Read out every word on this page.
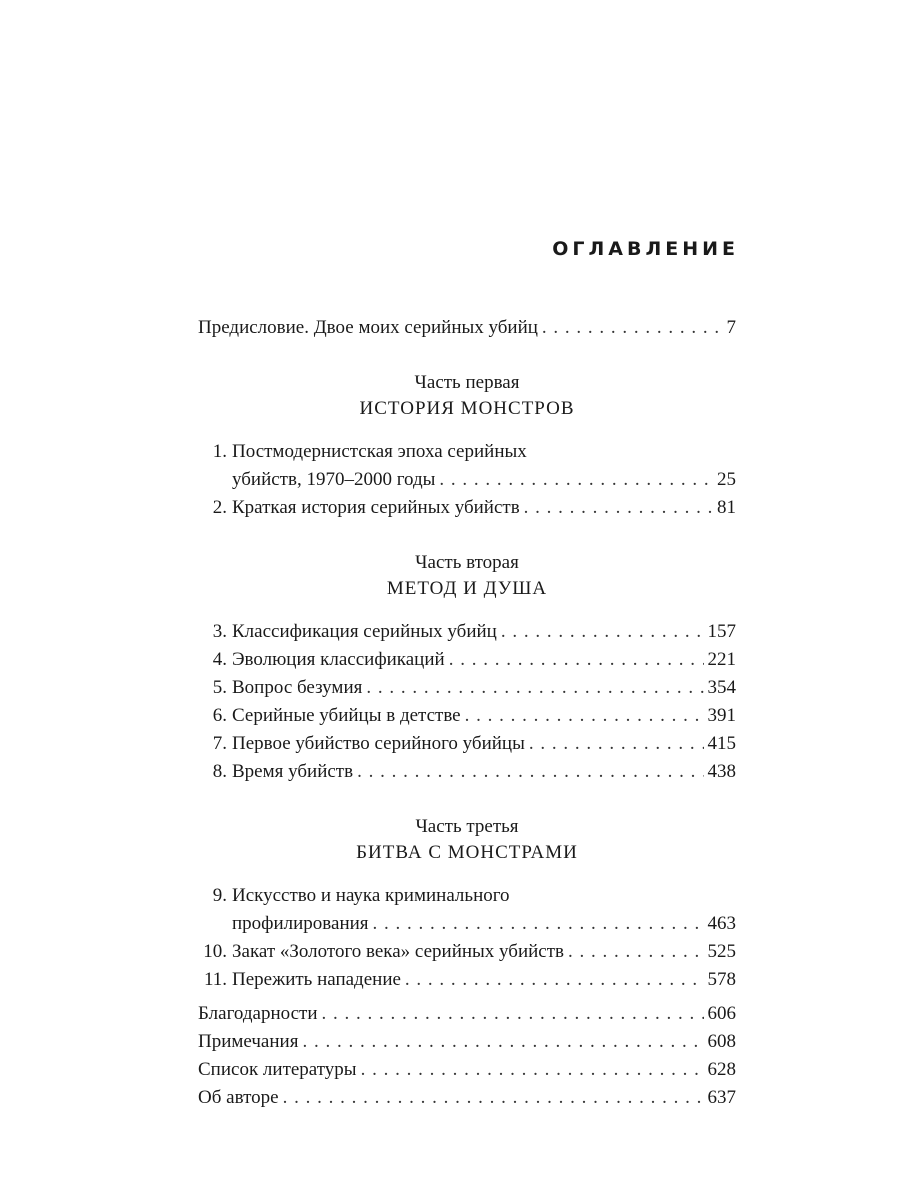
ОГЛАВЛЕНИЕ
Предисловие. Двое моих серийных убийц . . .	7
Часть первая
ИСТОРИЯ МОНСТРОВ
1. Постмодернистская эпоха серийных
убийств, 1970–2000 годы . . .	25
2. Краткая история серийных убийств . . .	81
Часть вторая
МЕТОД И ДУША
3. Классификация серийных убийц . . .	157
4. Эволюция классификаций . . .	221
5. Вопрос безумия . . .	354
6. Серийные убийцы в детстве . . .	391
7. Первое убийство серийного убийцы . . .	415
8. Время убийств . . .	438
Часть третья
БИТВА С МОНСТРАМИ
9. Искусство и наука криминального
профилирования . . .	463
10. Закат «Золотого века» серийных убийств . . .	525
11. Пережить нападение . . .	578
Благодарности . . .	606
Примечания . . .	608
Список литературы . . .	628
Об авторе . . .	637
